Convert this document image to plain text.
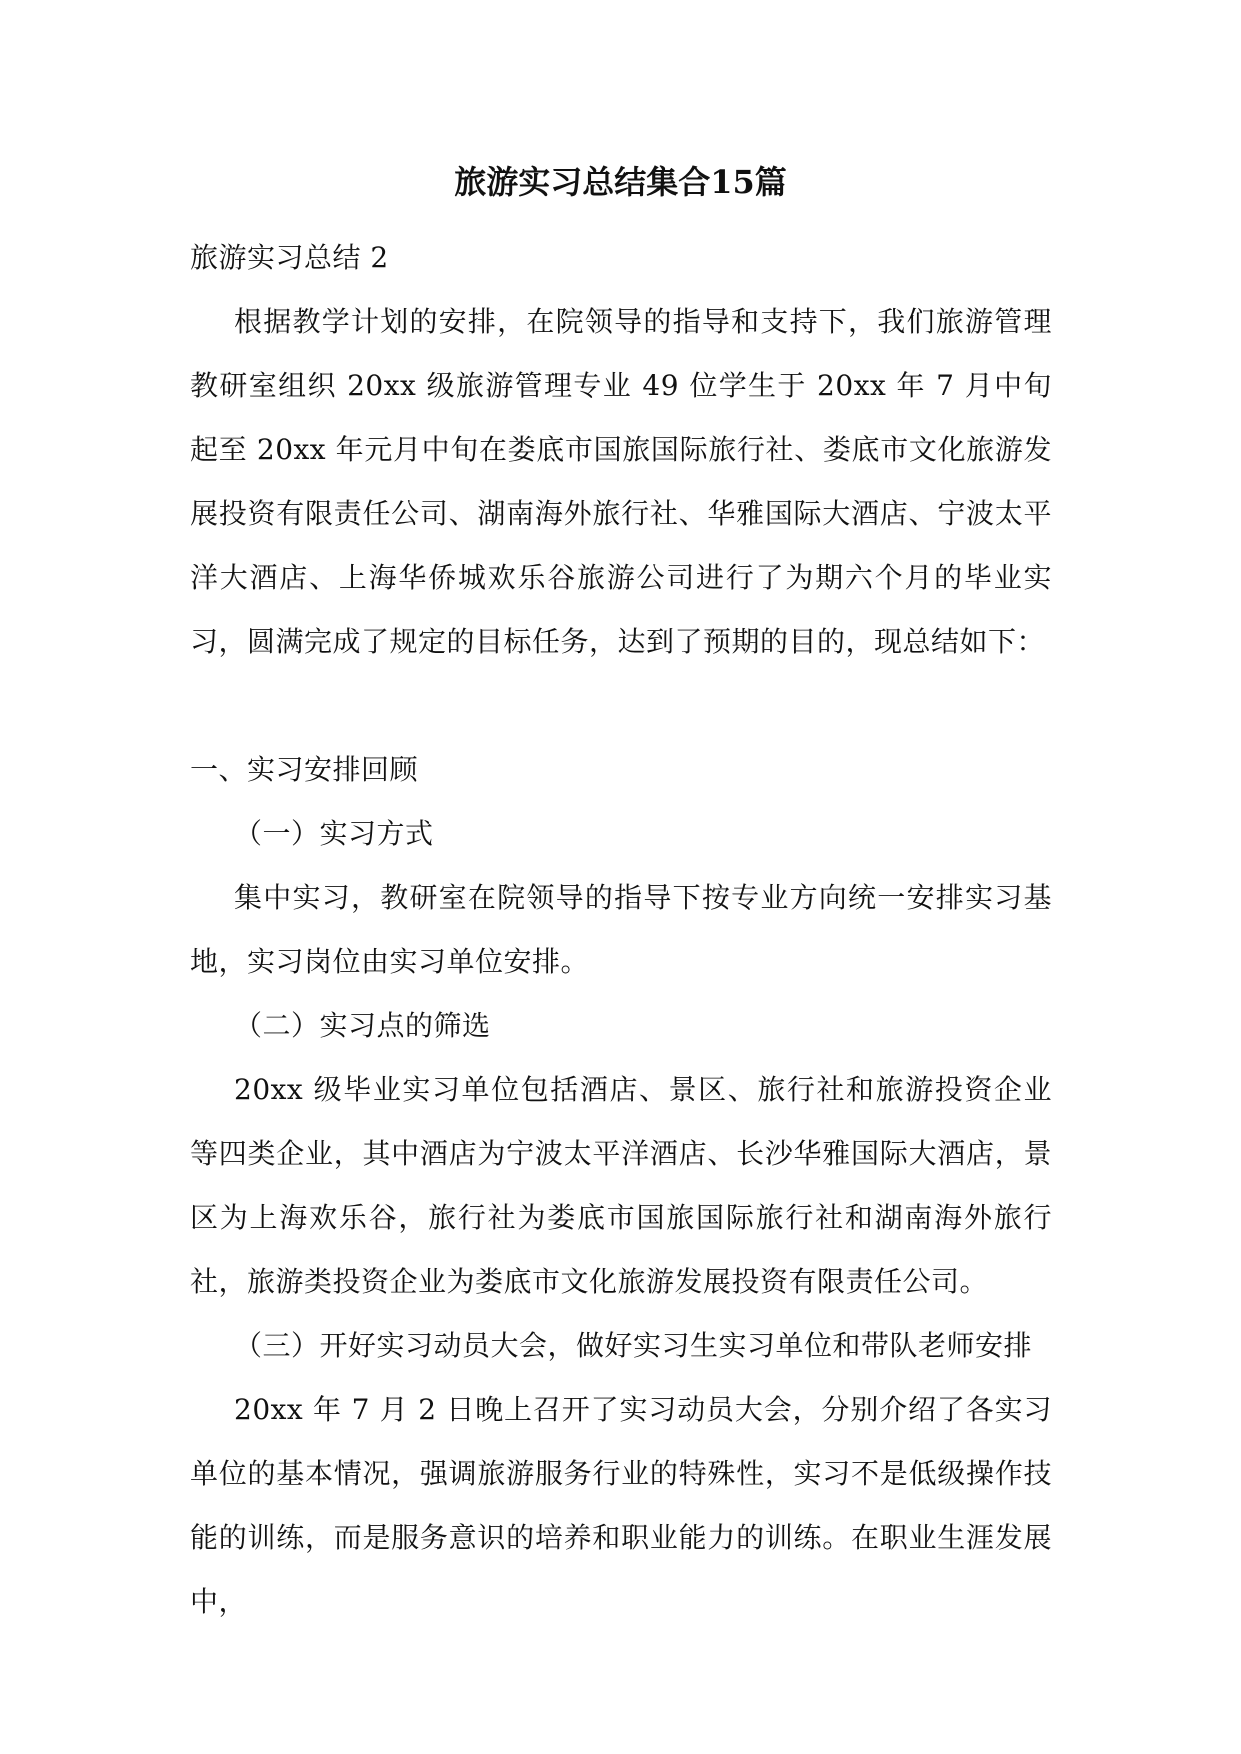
旅游实习总结集合15篇

旅游实习总结 2

根据教学计划的安排，在院领导的指导和支持下，我们旅游管理教研室组织 20xx 级旅游管理专业 49 位学生于 20xx 年 7 月中旬起至 20xx 年元月中旬在娄底市国旅国际旅行社、娄底市文化旅游发展投资有限责任公司、湖南海外旅行社、华雅国际大酒店、宁波太平洋大酒店、上海华侨城欢乐谷旅游公司进行了为期六个月的毕业实习，圆满完成了规定的目标任务，达到了预期的目的，现总结如下：

一、实习安排回顾

（一）实习方式

集中实习，教研室在院领导的指导下按专业方向统一安排实习基地，实习岗位由实习单位安排。

（二）实习点的筛选

20xx 级毕业实习单位包括酒店、景区、旅行社和旅游投资企业等四类企业，其中酒店为宁波太平洋酒店、长沙华雅国际大酒店，景区为上海欢乐谷，旅行社为娄底市国旅国际旅行社和湖南海外旅行社，旅游类投资企业为娄底市文化旅游发展投资有限责任公司。

（三）开好实习动员大会，做好实习生实习单位和带队老师安排

20xx 年 7 月 2 日晚上召开了实习动员大会，分别介绍了各实习单位的基本情况，强调旅游服务行业的特殊性，实习不是低级操作技能的训练，而是服务意识的培养和职业能力的训练。在职业生涯发展中，
